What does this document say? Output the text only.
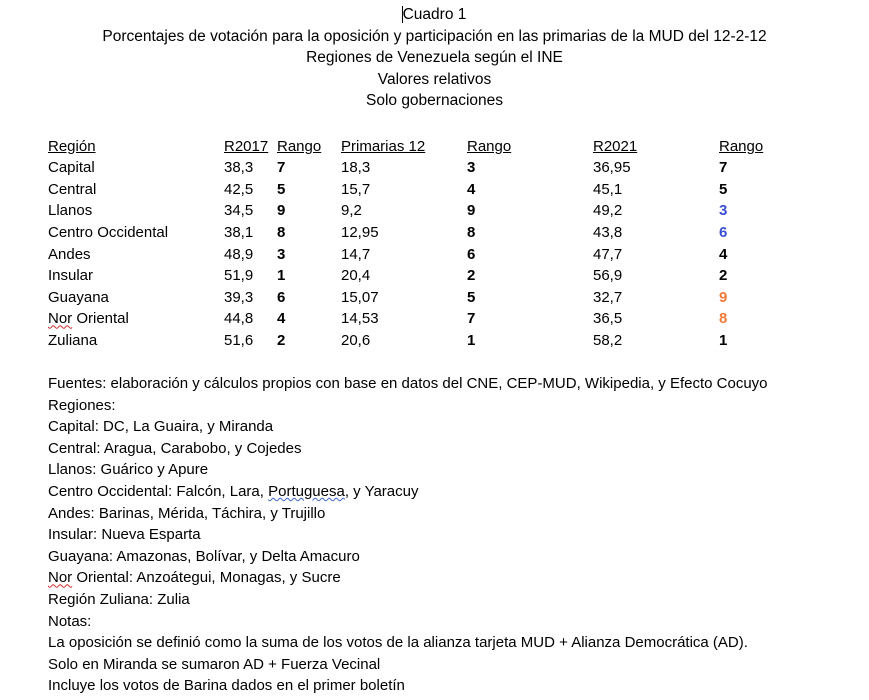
Cuadro 1
Porcentajes de votación para la oposición y participación en las primarias de la MUD del 12-2-12
Regiones de Venezuela según el INE
Valores relativos
Solo gobernaciones
Región	R2017	Rango	Primarias 12	Rango	R2021	Rango
Capital	38,3	7	18,3	3	36,95	7
Central	42,5	5	15,7	4	45,1	5
Llanos	34,5	9	9,2	9	49,2	3
Centro Occidental	38,1	8	12,95	8	43,8	6
Andes	48,9	3	14,7	6	47,7	4
Insular	51,9	1	20,4	2	56,9	2
Guayana	39,3	6	15,07	5	32,7	9
Nor Oriental	44,8	4	14,53	7	36,5	8
Zuliana	51,6	2	20,6	1	58,2	1
Fuentes: elaboración y cálculos propios con base en datos del CNE, CEP-MUD, Wikipedia, y Efecto Cocuyo
Regiones:
Capital: DC, La Guaira, y Miranda
Central: Aragua, Carabobo, y Cojedes
Llanos: Guárico y Apure
Centro Occidental: Falcón, Lara, Portuguesa, y Yaracuy
Andes: Barinas, Mérida, Táchira, y Trujillo
Insular: Nueva Esparta
Guayana: Amazonas, Bolívar, y Delta Amacuro
Nor Oriental: Anzoátegui, Monagas, y Sucre
Región Zuliana: Zulia
Notas:
La oposición se definió como la suma de los votos de la alianza tarjeta MUD + Alianza Democrática (AD).
Solo en Miranda se sumaron AD + Fuerza Vecinal
Incluye los votos de Barina dados en el primer boletín
